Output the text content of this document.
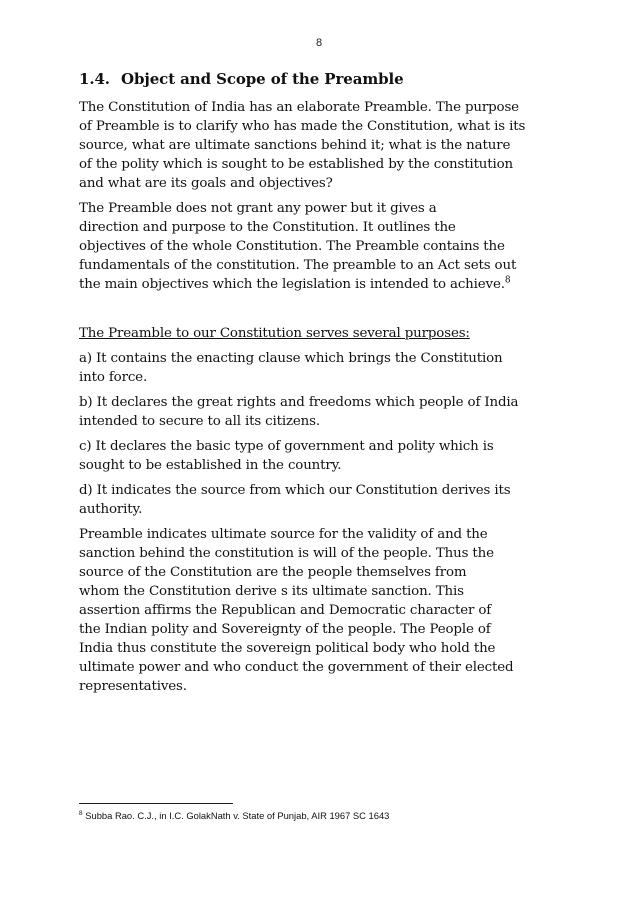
8
1.4. Object and Scope of the Preamble

The Constitution of India has an elaborate Preamble. The purpose
of Preamble is to clarify who has made the Constitution, what is its
source, what are ultimate sanctions behind it; what is the nature
of the polity which is sought to be established by the constitution
and what are its goals and objectives?

The Preamble does not grant any power but it gives a
direction and purpose to the Constitution. It outlines the
objectives of the whole Constitution. The Preamble contains the
fundamentals of the constitution. The preamble to an Act sets out
the main objectives which the legislation is intended to achieve.$^8$

The Preamble to our Constitution serves several purposes:

a) It contains the enacting clause which brings the Constitution
into force.

b) It declares the great rights and freedoms which people of India
intended to secure to all its citizens.

c) It declares the basic type of government and polity which is
sought to be established in the country.

d) It indicates the source from which our Constitution derives its
authority.

Preamble indicates ultimate source for the validity of and the
sanction behind the constitution is will of the people. Thus the
source of the Constitution are the people themselves from
whom the Constitution derive s its ultimate sanction. This
assertion affirms the Republican and Democratic character of
the Indian polity and Sovereignty of the people. The People of
India thus constitute the sovereign political body who hold the
ultimate power and who conduct the government of their elected
representatives.

$^8$ Subba Rao. C.J., in I.C. GolakNath v. State of Punjab, AIR 1967 SC 1643
